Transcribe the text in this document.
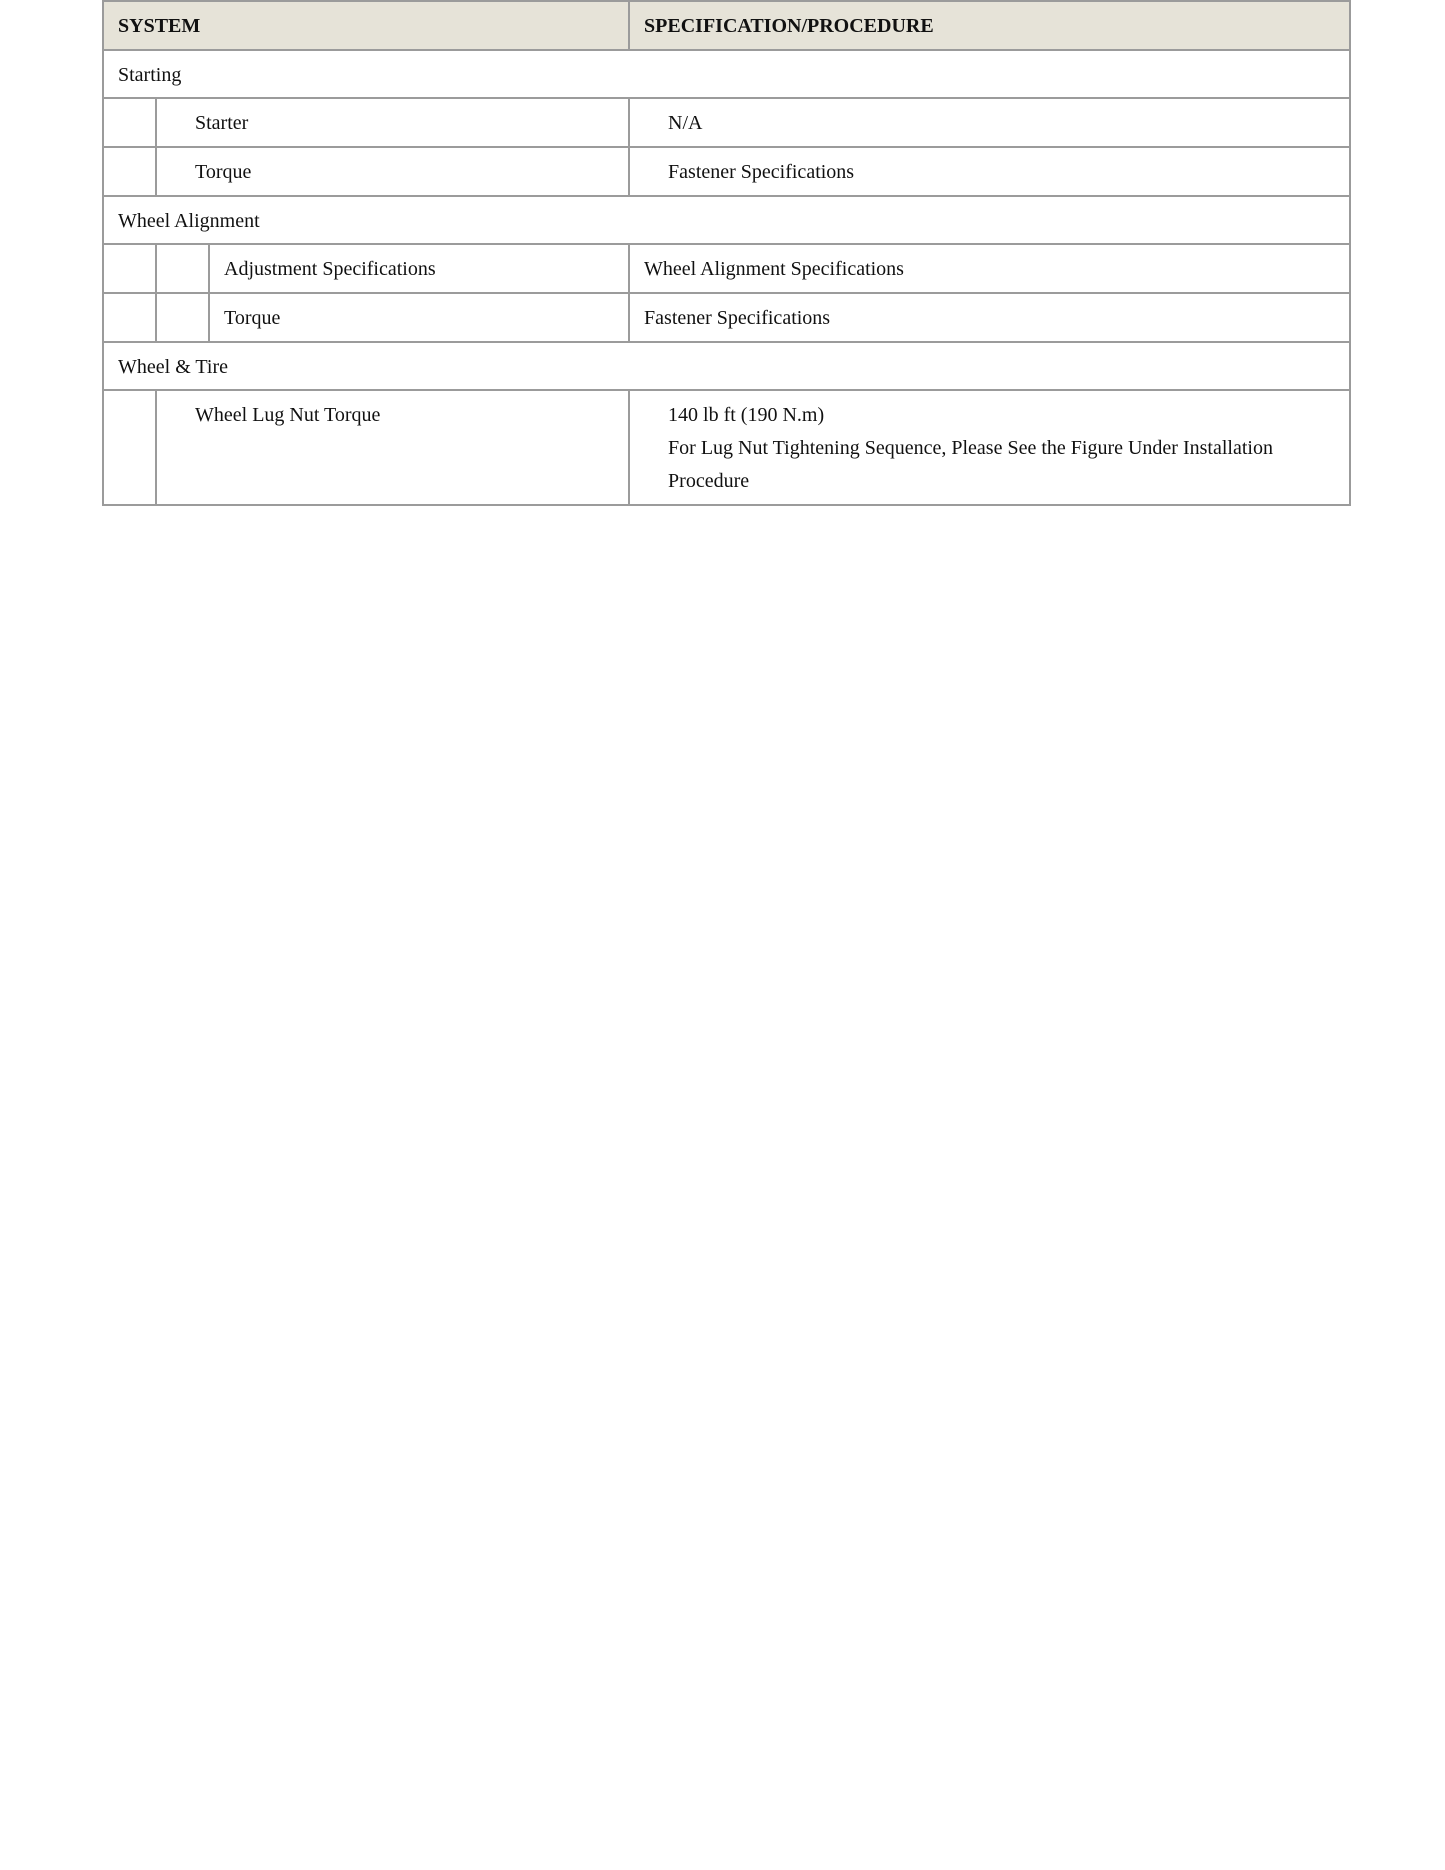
SYSTEM			SPECIFICATION/PROCEDURE
Starting			
	Starter		N/A
	Torque		Fastener Specifications
Wheel Alignment			
		Adjustment Specifications	Wheel Alignment Specifications
		Torque	Fastener Specifications
Wheel & Tire			
	Wheel Lug Nut Torque		140 lb ft (190 N.m)
For Lug Nut Tightening Sequence, Please See the Figure Under Installation Procedure
